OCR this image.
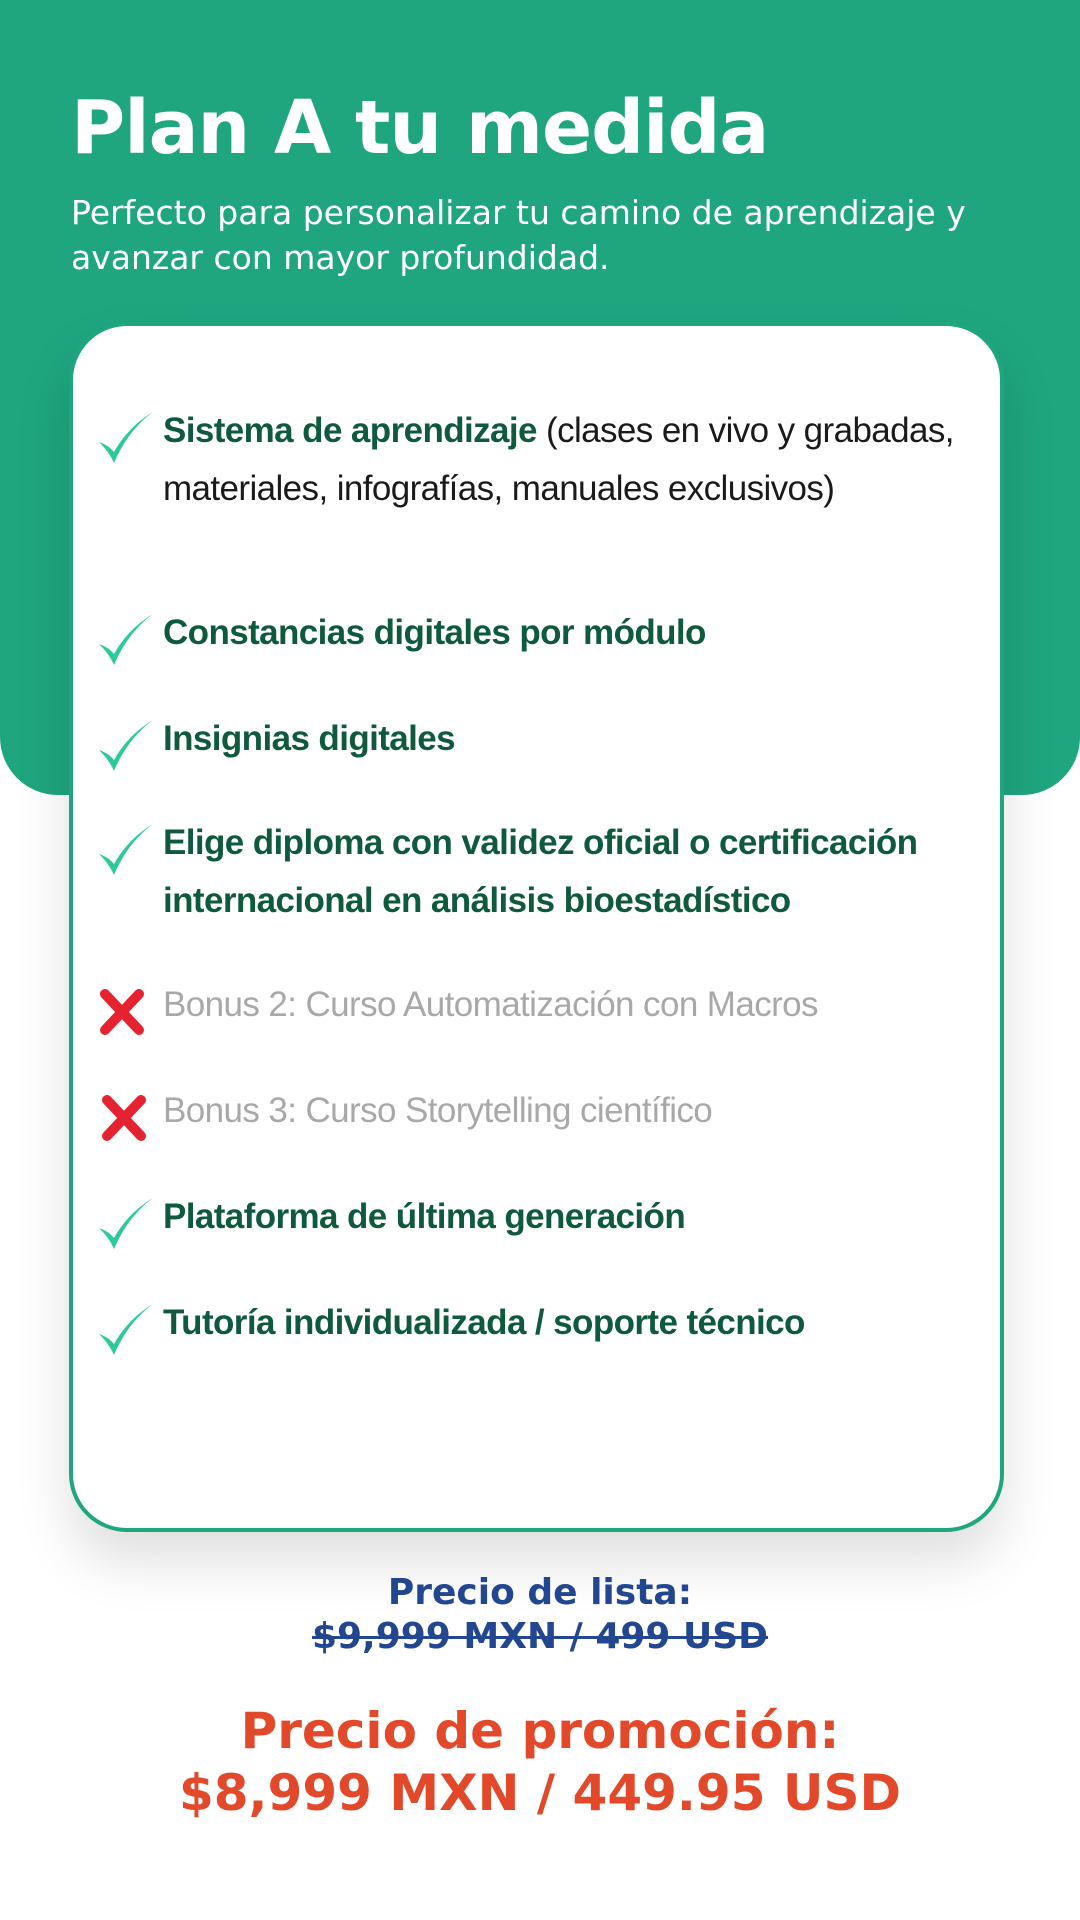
Plan A tu medida

Perfecto para personalizar tu camino de aprendizaje y avanzar con mayor profundidad.

Sistema de aprendizaje (clases en vivo y grabadas, materiales, infografías, manuales exclusivos)

Constancias digitales por módulo

Insignias digitales

Elige diploma con validez oficial o certificación internacional en análisis bioestadístico

Bonus 2: Curso Automatización con Macros

Bonus 3: Curso Storytelling científico

Plataforma de última generación

Tutoría individualizada / soporte técnico

Precio de lista:

$9,999 MXN / 499 USD

Precio de promoción:

$8,999 MXN / 449.95 USD
